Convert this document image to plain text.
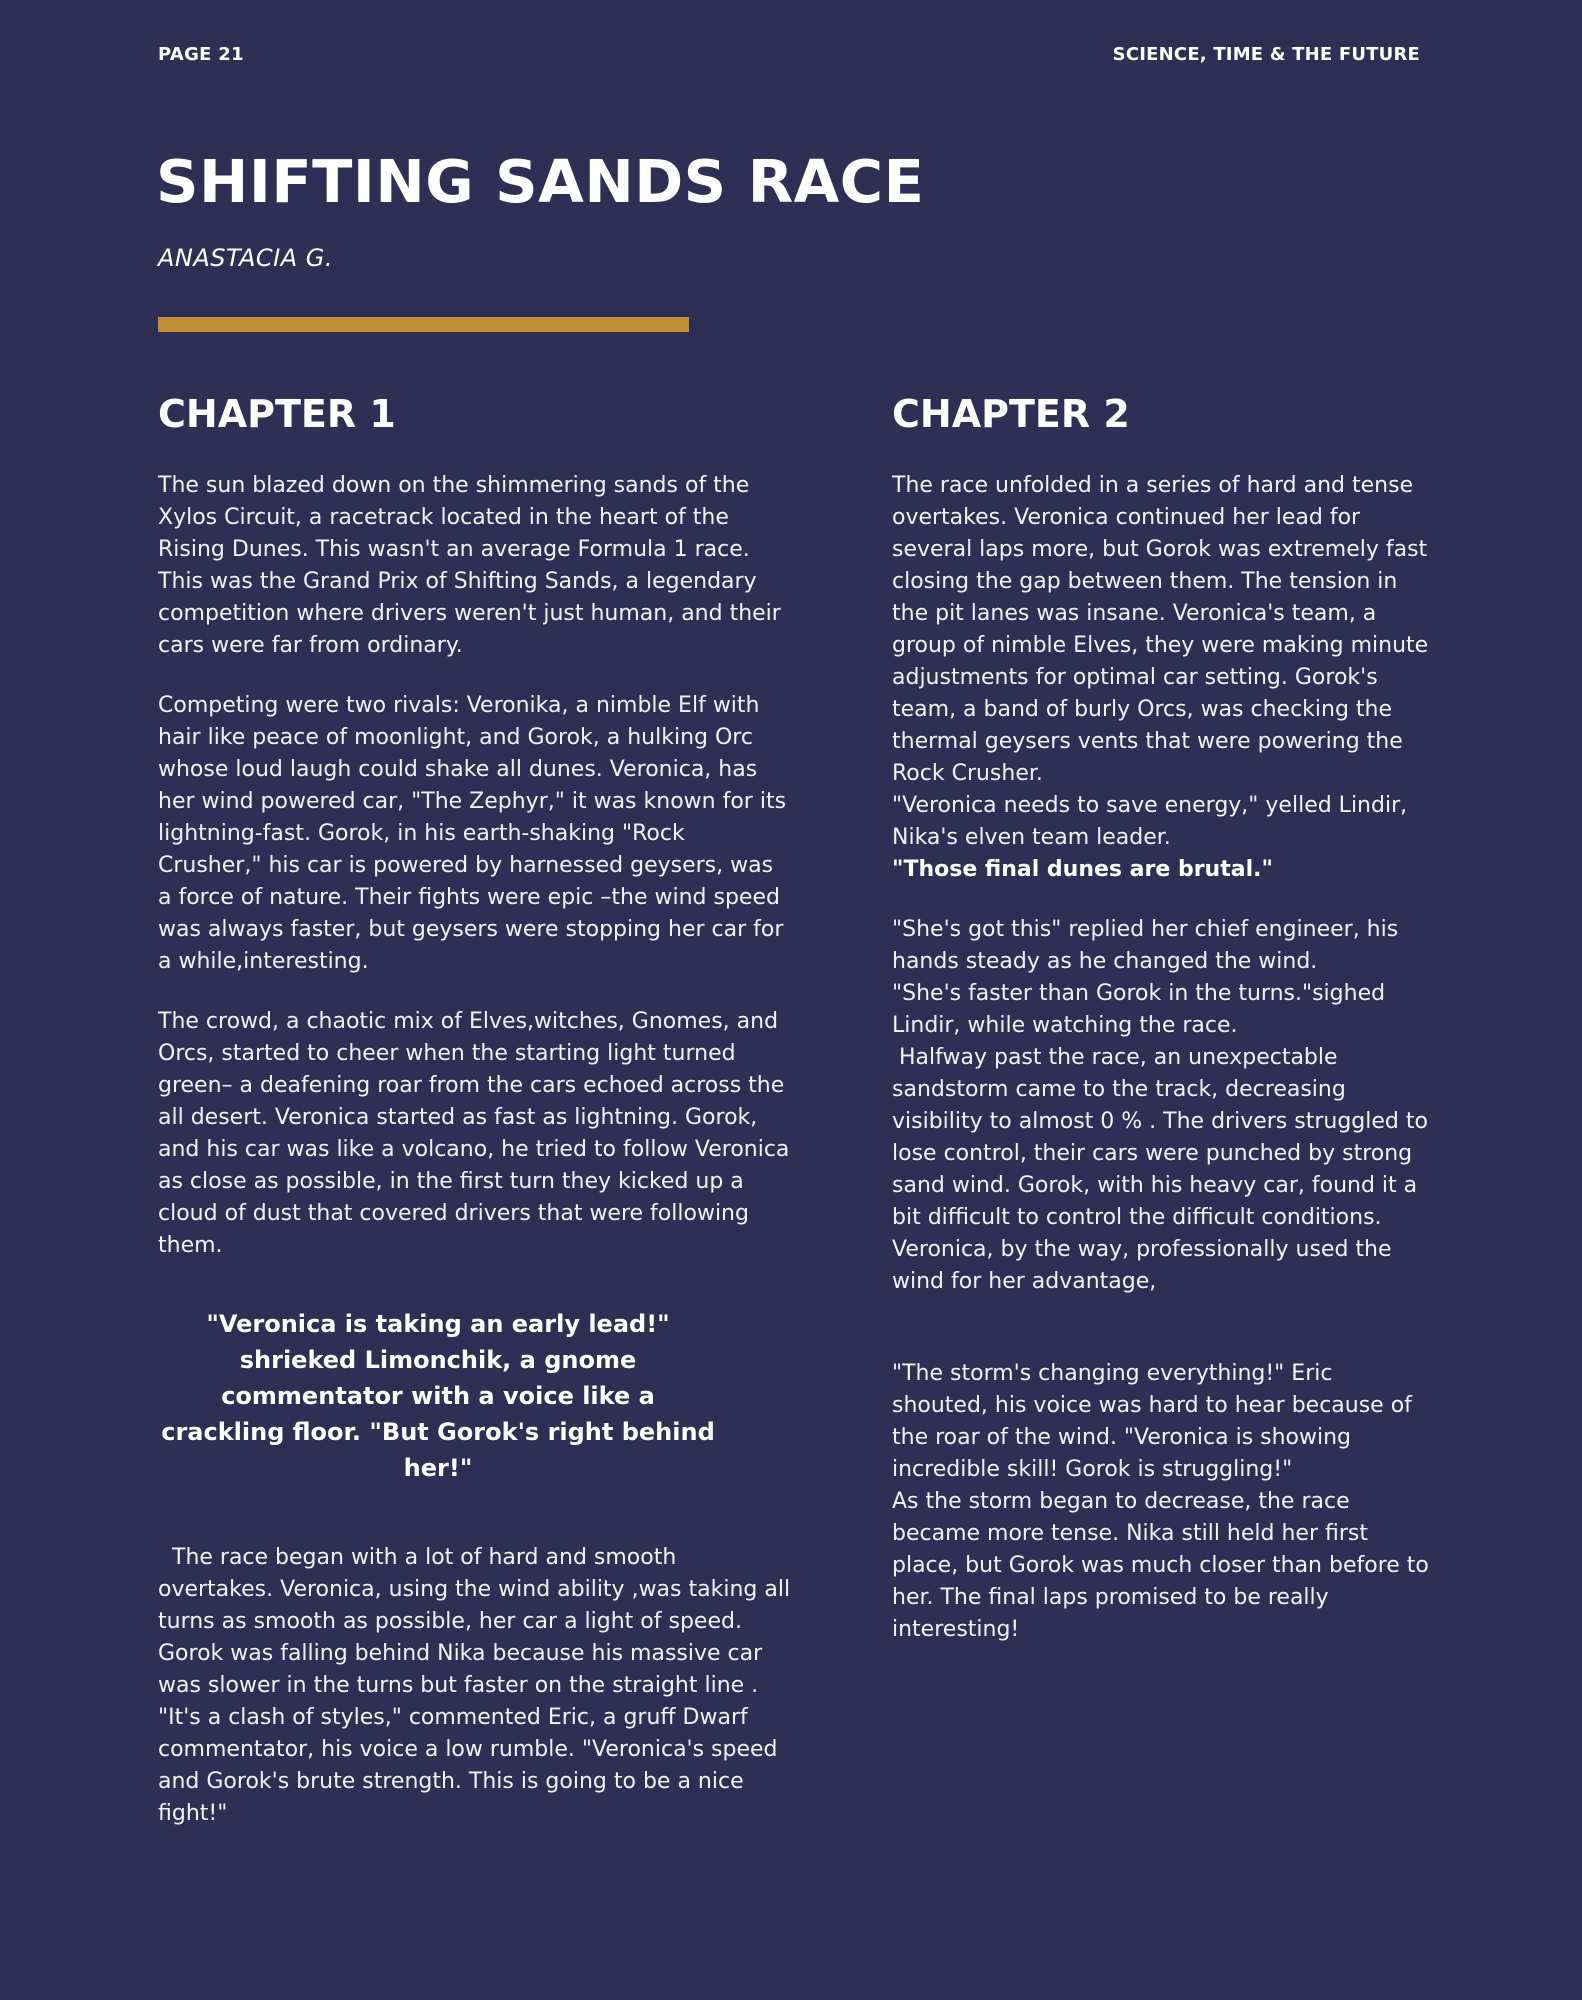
PAGE 21	SCIENCE, TIME & THE FUTURE
SHIFTING SANDS RACE
ANASTACIA G.
CHAPTER 1	CHAPTER 2

The sun blazed down on the shimmering sands of the Xylos Circuit, a racetrack located in the heart of the Rising Dunes. This wasn't an average Formula 1 race. This was the Grand Prix of Shifting Sands, a legendary competition where drivers weren't just human, and their cars were far from ordinary.

Competing were two rivals: Veronika, a nimble Elf with hair like peace of moonlight, and Gorok, a hulking Orc whose loud laugh could shake all dunes. Veronica, has her wind powered car, "The Zephyr," it was known for its lightning-fast. Gorok, in his earth-shaking "Rock Crusher," his car is powered by harnessed geysers, was a force of nature. Their fights were epic –the wind speed was always faster, but geysers were stopping her car for a while,interesting.

The crowd, a chaotic mix of Elves,witches, Gnomes, and Orcs, started to cheer when the starting light turned green– a deafening roar from the cars echoed across the all desert. Veronica started as fast as lightning. Gorok, and his car was like a volcano, he tried to follow Veronica as close as possible, in the first turn they kicked up a cloud of dust that covered drivers that were following them.

"Veronica is taking an early lead!" shrieked Limonchik, a gnome commentator with a voice like a crackling floor. "But Gorok's right behind her!"

The race began with a lot of hard and smooth overtakes. Veronica, using the wind ability ,was taking all turns as smooth as possible, her car a light of speed. Gorok was falling behind Nika because his massive car was slower in the turns but faster on the straight line . "It's a clash of styles," commented Eric, a gruff Dwarf commentator, his voice a low rumble. "Veronica's speed and Gorok's brute strength. This is going to be a nice fight!"

The race unfolded in a series of hard and tense overtakes. Veronica continued her lead for several laps more, but Gorok was extremely fast closing the gap between them. The tension in the pit lanes was insane. Veronica's team, a group of nimble Elves, they were making minute adjustments for optimal car setting. Gorok's team, a band of burly Orcs, was checking the thermal geysers vents that were powering the Rock Crusher.
"Veronica needs to save energy," yelled Lindir, Nika's elven team leader.
"Those final dunes are brutal."

"She's got this" replied her chief engineer, his hands steady as he changed the wind.
"She's faster than Gorok in the turns."sighed Lindir, while watching the race.
Halfway past the race, an unexpectable sandstorm came to the track, decreasing visibility to almost 0 % . The drivers struggled to lose control, their cars were punched by strong sand wind. Gorok, with his heavy car, found it a bit difficult to control the difficult conditions. Veronica, by the way, professionally used the wind for her advantage,

"The storm's changing everything!" Eric shouted, his voice was hard to hear because of the roar of the wind. "Veronica is showing incredible skill! Gorok is struggling!"
As the storm began to decrease, the race became more tense. Nika still held her first place, but Gorok was much closer than before to her. The final laps promised to be really interesting!
